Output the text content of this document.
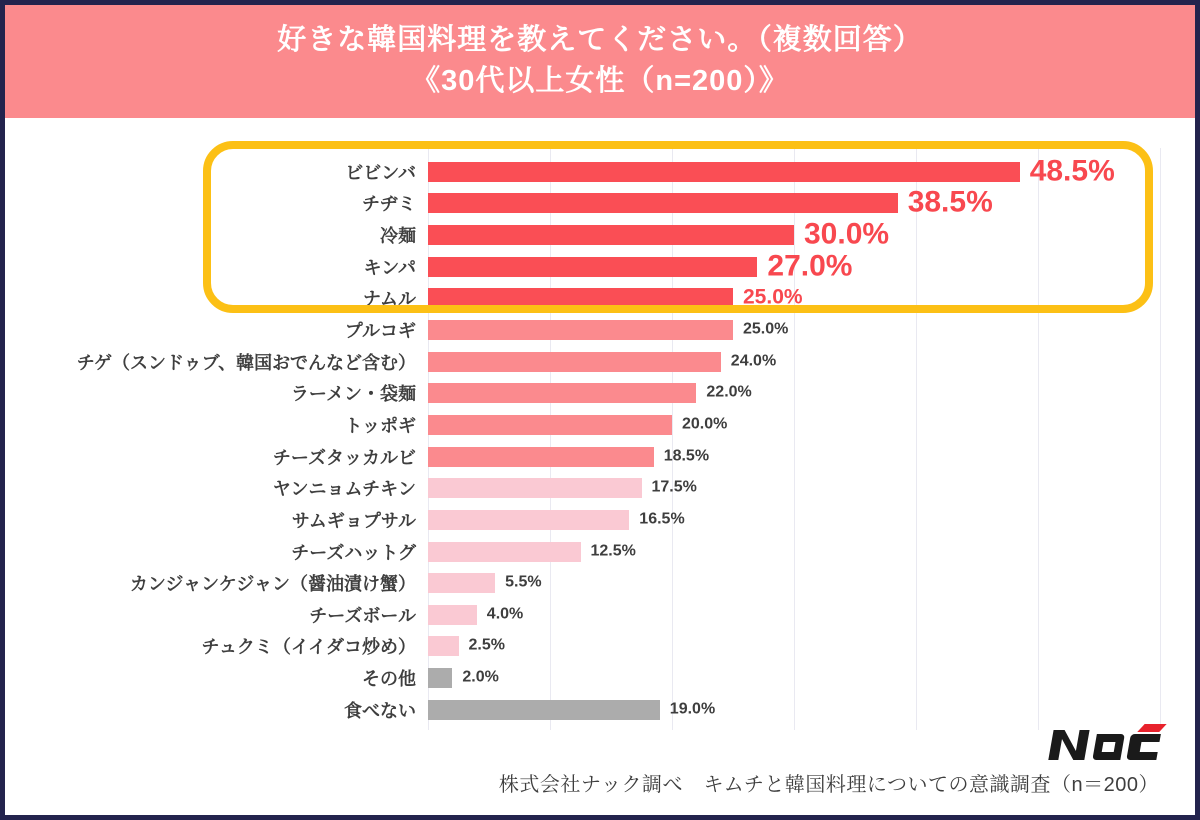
好きな韓国料理を教えてください。（複数回答）
《30代以上女性（n=200）》
ビビンバ	48.5%
チヂミ	38.5%
冷麺	30.0%
キンパ	27.0%
ナムル	25.0%
プルコギ	25.0%
チゲ（スンドゥブ、韓国おでんなど含む）	24.0%
ラーメン・袋麺	22.0%
トッポギ	20.0%
チーズタッカルビ	18.5%
ヤンニョムチキン	17.5%
サムギョプサル	16.5%
チーズハットグ	12.5%
カンジャンケジャン（醤油漬け蟹）	5.5%
チーズボール	4.0%
チュクミ（イイダコ炒め）	2.5%
その他	2.0%
食べない	19.0%
株式会社ナック調べ　キムチと韓国料理についての意識調査（n＝200）
